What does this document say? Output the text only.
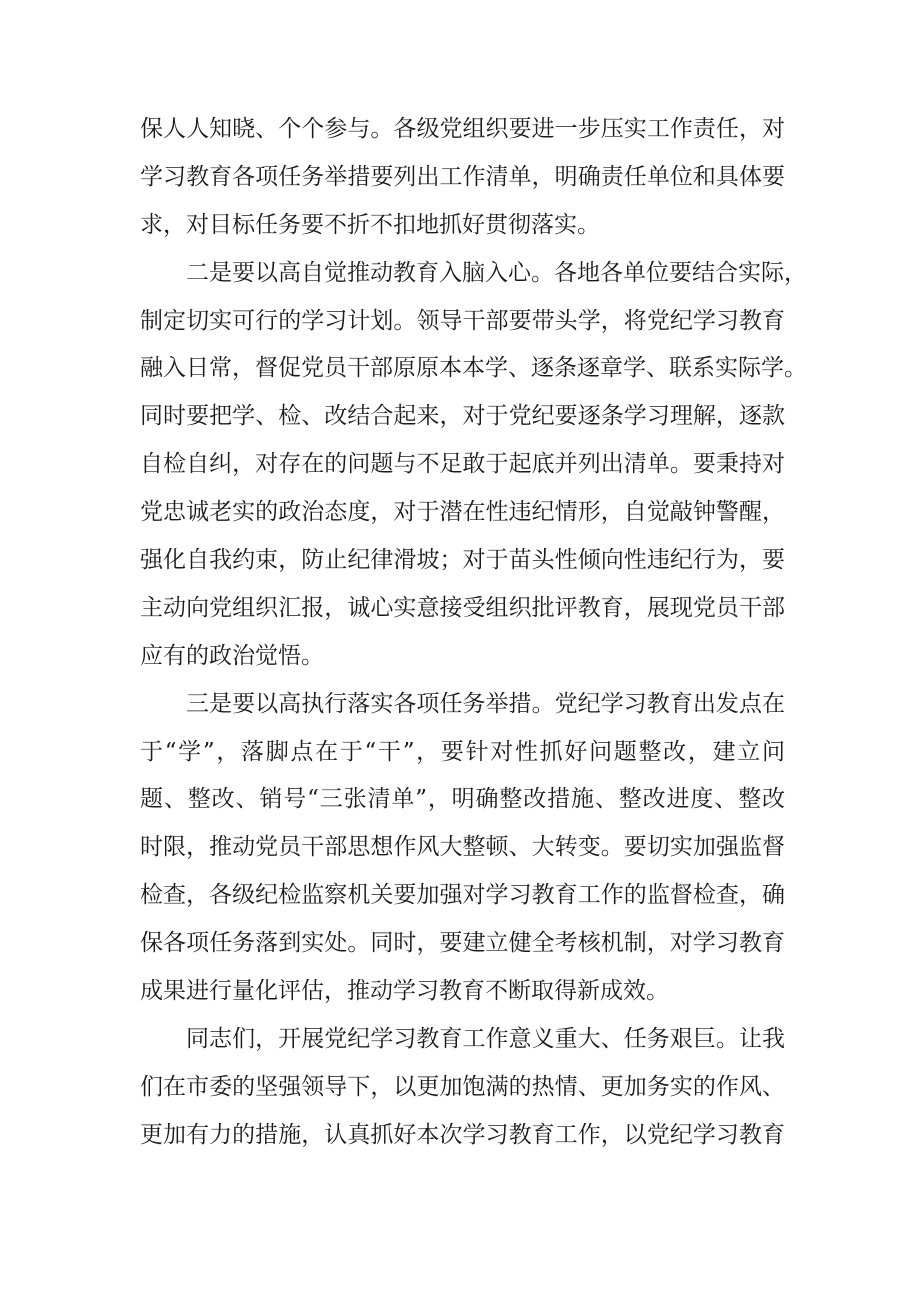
保人人知晓、个个参与。各级党组织要进一步压实工作责任，对
学习教育各项任务举措要列出工作清单，明确责任单位和具体要
求，对目标任务要不折不扣地抓好贯彻落实。
二是要以高自觉推动教育入脑入心。各地各单位要结合实际，
制定切实可行的学习计划。领导干部要带头学，将党纪学习教育
融入日常，督促党员干部原原本本学、逐条逐章学、联系实际学。
同时要把学、检、改结合起来，对于党纪要逐条学习理解，逐款
自检自纠，对存在的问题与不足敢于起底并列出清单。要秉持对
党忠诚老实的政治态度，对于潜在性违纪情形，自觉敲钟警醒，
强化自我约束，防止纪律滑坡；对于苗头性倾向性违纪行为，要
主动向党组织汇报，诚心实意接受组织批评教育，展现党员干部
应有的政治觉悟。
三是要以高执行落实各项任务举措。党纪学习教育出发点在
于“学”，落脚点在于“干”，要针对性抓好问题整改，建立问
题、整改、销号“三张清单”，明确整改措施、整改进度、整改
时限，推动党员干部思想作风大整顿、大转变。要切实加强监督
检查，各级纪检监察机关要加强对学习教育工作的监督检查，确
保各项任务落到实处。同时，要建立健全考核机制，对学习教育
成果进行量化评估，推动学习教育不断取得新成效。
同志们，开展党纪学习教育工作意义重大、任务艰巨。让我
们在市委的坚强领导下，以更加饱满的热情、更加务实的作风、
更加有力的措施，认真抓好本次学习教育工作，以党纪学习教育
